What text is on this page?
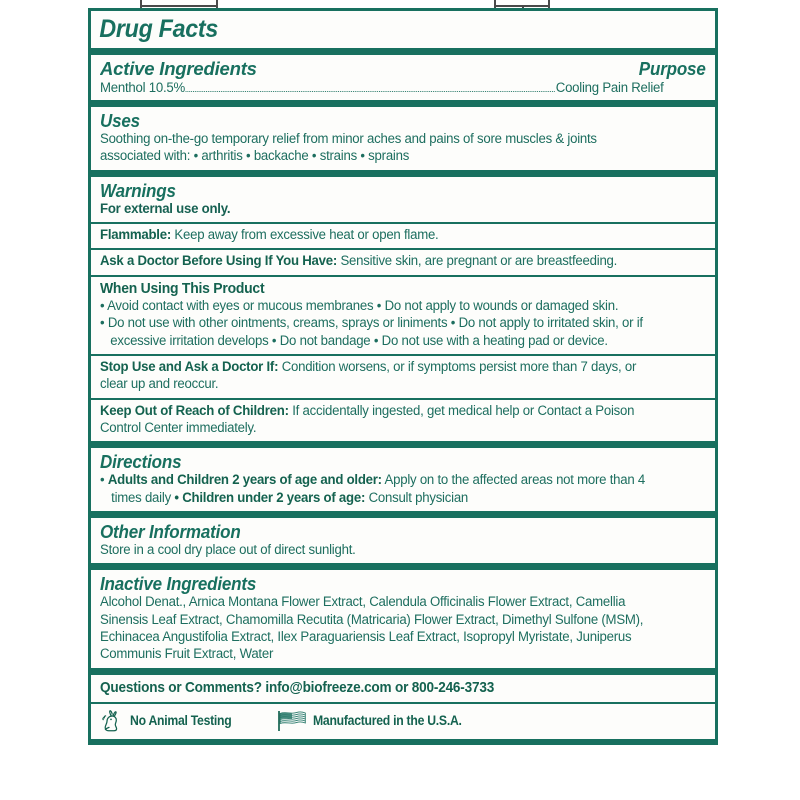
Drug Facts
Purpose
Active Ingredients
Menthol 10.5%	Cooling Pain Relief
Uses
Soothing on-the-go temporary relief from minor aches and pains of sore muscles & joints
associated with: • arthritis • backache • strains • sprains
Warnings
For external use only.
Flammable: Keep away from excessive heat or open flame.
Ask a Doctor Before Using If You Have: Sensitive skin, are pregnant or are breastfeeding.
When Using This Product
• Avoid contact with eyes or mucous membranes • Do not apply to wounds or damaged skin.
• Do not use with other ointments, creams, sprays or liniments • Do not apply to irritated skin, or if excessive irritation develops • Do not bandage • Do not use with a heating pad or device.
Stop Use and Ask a Doctor If: Condition worsens, or if symptoms persist more than 7 days, or clear up and reoccur.
Keep Out of Reach of Children: If accidentally ingested, get medical help or Contact a Poison Control Center immediately.
Directions
• Adults and Children 2 years of age and older: Apply on to the affected areas not more than 4 times daily • Children under 2 years of age: Consult physician
Other Information
Store in a cool dry place out of direct sunlight.
Inactive Ingredients
Alcohol Denat., Arnica Montana Flower Extract, Calendula Officinalis Flower Extract, Camellia Sinensis Leaf Extract, Chamomilla Recutita (Matricaria) Flower Extract, Dimethyl Sulfone (MSM), Echinacea Angustifolia Extract, Ilex Paraguariensis Leaf Extract, Isopropyl Myristate, Juniperus Communis Fruit Extract, Water
Questions or Comments? info@biofreeze.com or 800-246-3733
No Animal Testing	Manufactured in the U.S.A.
